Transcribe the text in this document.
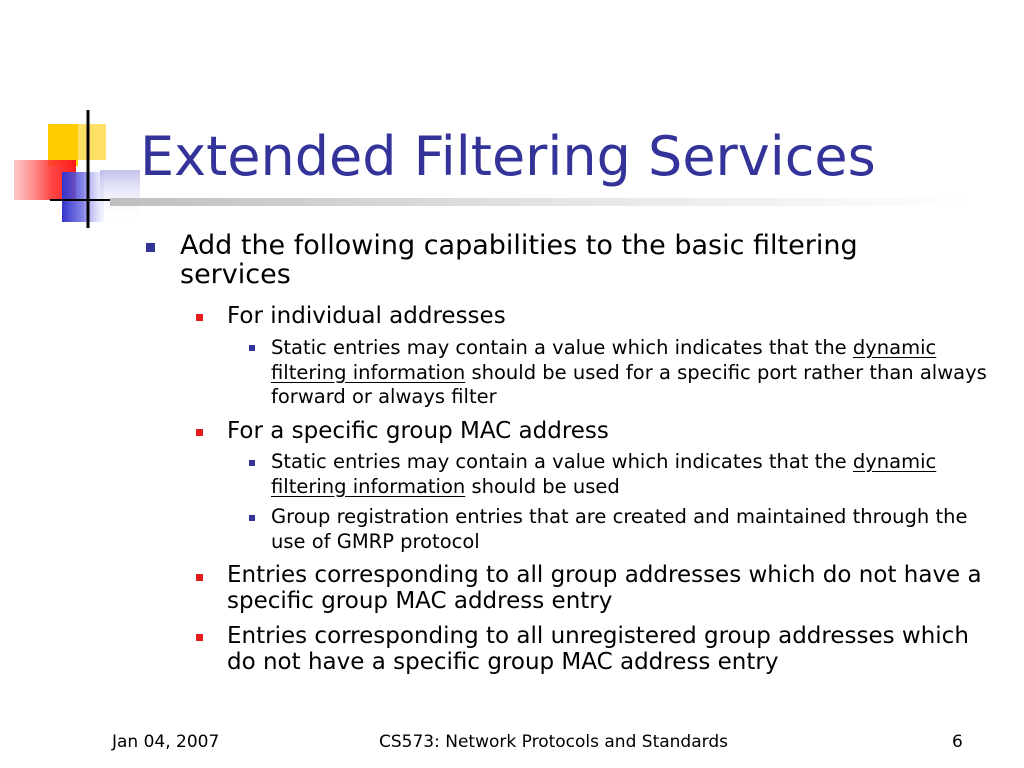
Extended Filtering Services
Add the following capabilities to the basic filtering services
For individual addresses
Static entries may contain a value which indicates that the dynamic filtering information should be used for a specific port rather than always forward or always filter
For a specific group MAC address
Static entries may contain a value which indicates that the dynamic filtering information should be used
Group registration entries that are created and maintained through the use of GMRP protocol
Entries corresponding to all group addresses which do not have a specific group MAC address entry
Entries corresponding to all unregistered group addresses which do not have a specific group MAC address entry
Jan 04, 2007	CS573: Network Protocols and Standards	6
